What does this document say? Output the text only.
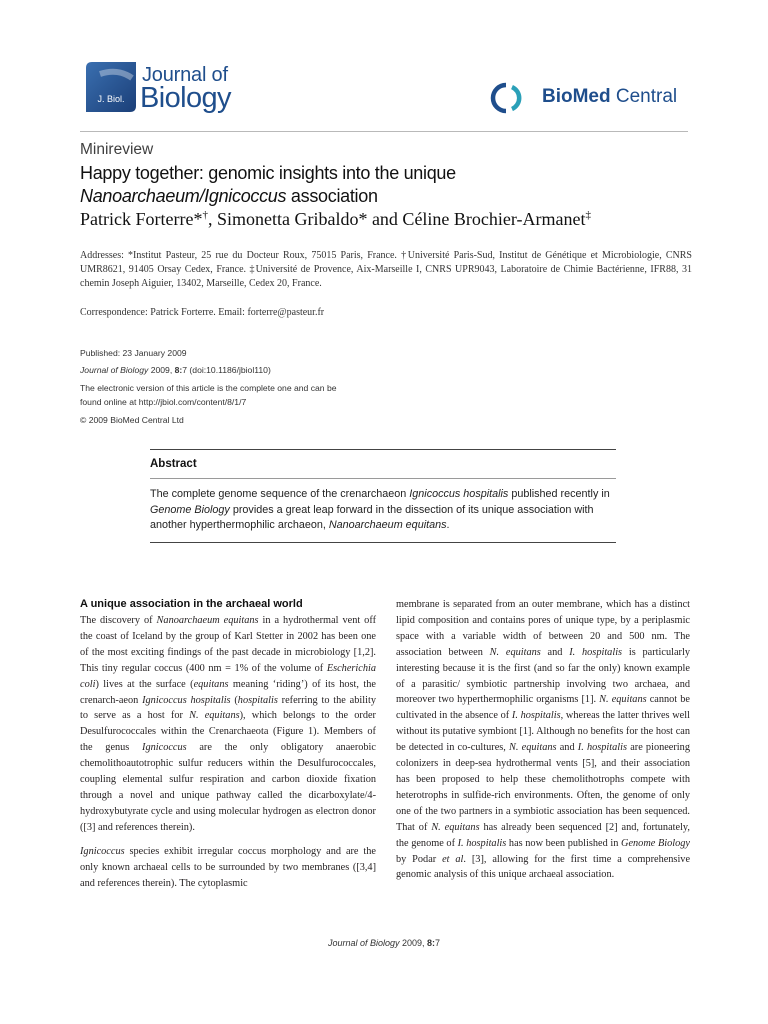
J. Biol.
Journal of
Biology	BioMed Central
Minireview
Happy together: genomic insights into the unique
Nanoarchaeum/Ignicoccus association
Patrick Forterre*†, Simonetta Gribaldo* and Céline Brochier-Armanet‡
Addresses: *Institut Pasteur, 25 rue du Docteur Roux, 75015 Paris, France. †Université Paris-Sud, Institut de Génétique et Microbiologie, CNRS UMR8621, 91405 Orsay Cedex, France. ‡Université de Provence, Aix-Marseille I, CNRS UPR9043, Laboratoire de Chimie Bactérienne, IFR88, 31 chemin Joseph Aiguier, 13402, Marseille, Cedex 20, France.
Correspondence: Patrick Forterre. Email: forterre@pasteur.fr
Published: 23 January 2009
Journal of Biology 2009, 8:7 (doi:10.1186/jbiol110)
The electronic version of this article is the complete one and can be
found online at http://jbiol.com/content/8/1/7
© 2009 BioMed Central Ltd
Abstract
The complete genome sequence of the crenarchaeon Ignicoccus hospitalis published recently in Genome Biology provides a great leap forward in the dissection of its unique association with another hyperthermophilic archaeon, Nanoarchaeum equitans.
A unique association in the archaeal world

The discovery of Nanoarchaeum equitans in a hydrothermal vent off the coast of Iceland by the group of Karl Stetter in 2002 has been one of the most exciting findings of the past decade in microbiology [1,2]. This tiny regular coccus (400 nm = 1% of the volume of Escherichia coli) lives at the surface (equitans meaning ‘riding’) of its host, the crenarch-aeon Ignicoccus hospitalis (hospitalis referring to the ability to serve as a host for N. equitans), which belongs to the order Desulfurococcales within the Crenarchaeota (Figure 1). Members of the genus Ignicoccus are the only obligatory anaerobic chemolithoautotrophic sulfur reducers within the Desulfurococcales, coupling elemental sulfur respiration and carbon dioxide fixation through a novel and unique pathway called the dicarboxylate/4-hydroxybutyrate cycle and using molecular hydrogen as electron donor ([3] and references therein).

Ignicoccus species exhibit irregular coccus morphology and are the only known archaeal cells to be surrounded by two membranes ([3,4] and references therein). The cytoplasmic

membrane is separated from an outer membrane, which has a distinct lipid composition and contains pores of unique type, by a periplasmic space with a variable width of between 20 and 500 nm. The association between N. equitans and I. hospitalis is particularly interesting because it is the first (and so far the only) known example of a parasitic/ symbiotic partnership involving two archaea, and moreover two hyperthermophilic organisms [1]. N. equitans cannot be cultivated in the absence of I. hospitalis, whereas the latter thrives well without its putative symbiont [1]. Although no benefits for the host can be detected in co-cultures, N. equitans and I. hospitalis are pioneering colonizers in deep-sea hydrothermal vents [5], and their association has been proposed to help these chemolithotrophs compete with heterotrophs in sulfide-rich environments. Often, the genome of only one of the two partners in a symbiotic association has been sequenced. That of N. equitans has already been sequenced [2] and, fortunately, the genome of I. hospitalis has now been published in Genome Biology by Podar et al. [3], allowing for the first time a comprehensive genomic analysis of this unique archaeal association.

Journal of Biology 2009, 8:7
